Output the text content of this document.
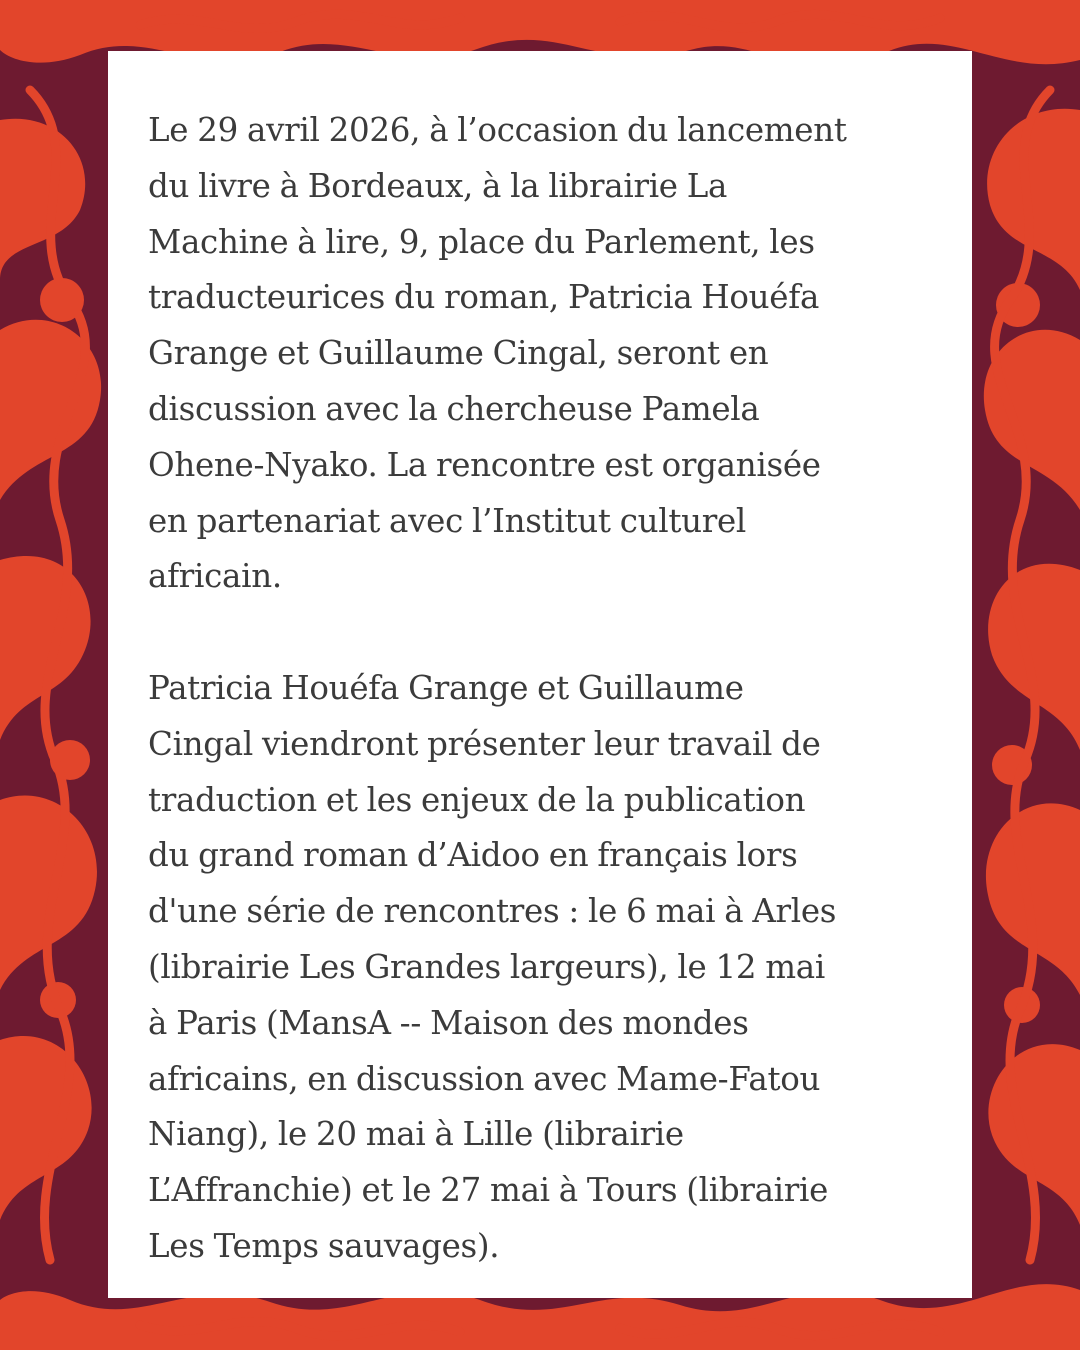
Le 29 avril 2026, à l’occasion du lancement
du livre à Bordeaux, à la librairie La
Machine à lire, 9, place du Parlement, les
traducteurices du roman, Patricia Houéfa
Grange et Guillaume Cingal, seront en
discussion avec la chercheuse Pamela
Ohene-Nyako. La rencontre est organisée
en partenariat avec l’Institut culturel
africain.

Patricia Houéfa Grange et Guillaume
Cingal viendront présenter leur travail de
traduction et les enjeux de la publication
du grand roman d’Aidoo en français lors
d'une série de rencontres : le 6 mai à Arles
(librairie Les Grandes largeurs), le 12 mai
à Paris (MansA -- Maison des mondes
africains, en discussion avec Mame-Fatou
Niang), le 20 mai à Lille (librairie
L’Affranchie) et le 27 mai à Tours (librairie
Les Temps sauvages).
